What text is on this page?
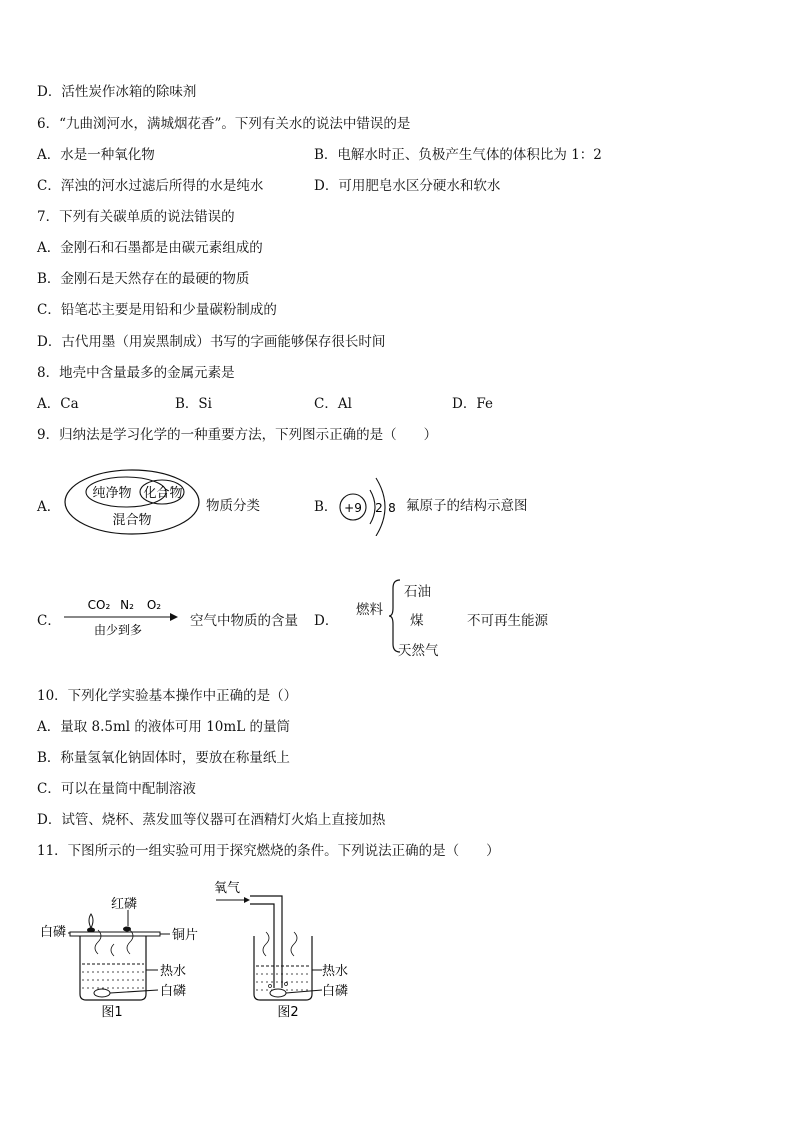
D．活性炭作冰箱的除味剂
6．“九曲浏河水，满城烟花香”。下列有关水的说法中错误的是
A．水是一种氧化物	B．电解水时正、负极产生气体的体积比为 1：2
C．浑浊的河水过滤后所得的水是纯水	D．可用肥皂水区分硬水和软水
7．下列有关碳单质的说法错误的
A．金刚石和石墨都是由碳元素组成的
B．金刚石是天然存在的最硬的物质
C．铅笔芯主要是用铅和少量碳粉制成的
D．古代用墨（用炭黑制成）书写的字画能够保存很长时间
8．地壳中含量最多的金属元素是
A．Ca	B．Si	C．Al	D．Fe
9．归纳法是学习化学的一种重要方法，下列图示正确的是（　　）
A．
纯净物 化合物
混合物
物质分类	B． +9 2 8 氟原子的结构示意图
C．
CO₂ N₂ O₂
由少到多
空气中物质的含量 D．
燃料
石油
煤
天然气
不可再生能源
10．下列化学实验基本操作中正确的是（）
A．量取 8.5ml 的液体可用 10mL 的量筒
B．称量氢氧化钠固体时，要放在称量纸上
C．可以在量筒中配制溶液
D．试管、烧杯、蒸发皿等仪器可在酒精灯火焰上直接加热
11．下图所示的一组实验可用于探究燃烧的条件。下列说法正确的是（　　）
红磷
白磷	铜片
热水
白磷
图1
氧气
热水
白磷
图2
